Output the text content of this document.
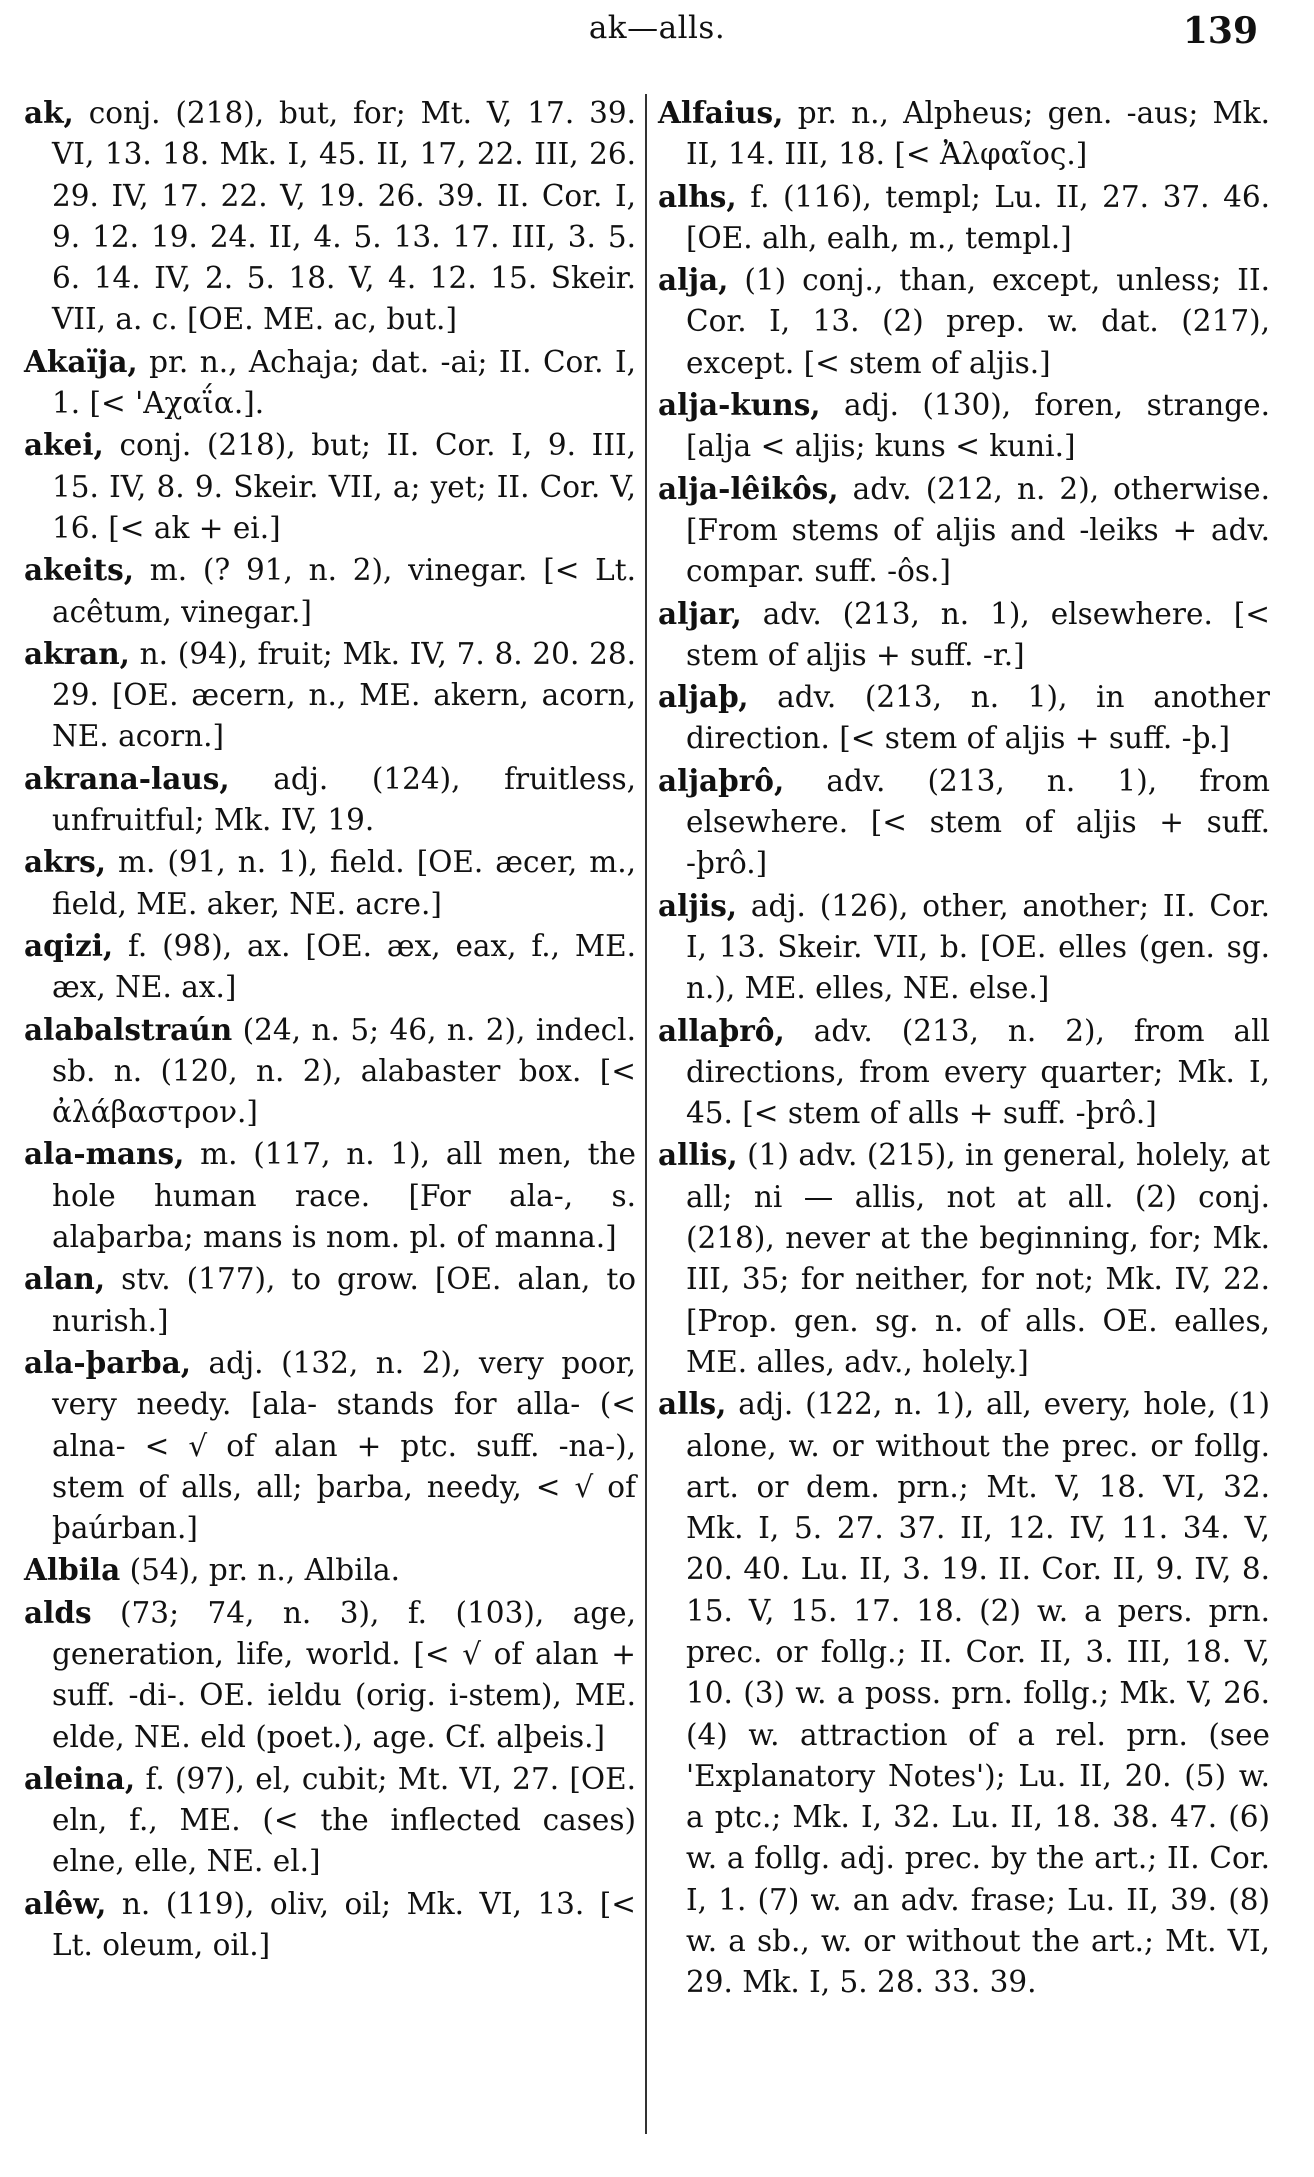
ak—alls.	139
ak, conj. (218), but, for; Mt. V, 17. 39. VI, 13. 18. Mk. I, 45. II, 17, 22. III, 26. 29. IV, 17. 22. V, 19. 26. 39. II. Cor. I, 9. 12. 19. 24. II, 4. 5. 13. 17. III, 3. 5. 6. 14. IV, 2. 5. 18. V, 4. 12. 15. Skeir. VII, a. c. [OE. ME. ac, but.]
Akaïja, pr. n., Achaja; dat. -ai; II. Cor. I, 1. [< 'Αχαΐα.].
akei, conj. (218), but; II. Cor. I, 9. III, 15. IV, 8. 9. Skeir. VII, a; yet; II. Cor. V, 16. [< ak + ei.]
akeits, m. (? 91, n. 2), vinegar. [< Lt. acêtum, vinegar.]
akran, n. (94), fruit; Mk. IV, 7. 8. 20. 28. 29. [OE. æcern, n., ME. akern, acorn, NE. acorn.]
akrana-laus, adj. (124), fruitless, unfruitful; Mk. IV, 19.
akrs, m. (91, n. 1), field. [OE. æcer, m., field, ME. aker, NE. acre.]
aqizi, f. (98), ax. [OE. æx, eax, f., ME. æx, NE. ax.]
alabalstraún (24, n. 5; 46, n. 2), indecl. sb. n. (120, n. 2), alabaster box. [< ἀλάβαστρον.]
ala-mans, m. (117, n. 1), all men, the hole human race. [For ala-, s. alaþarba; mans is nom. pl. of manna.]
alan, stv. (177), to grow. [OE. alan, to nurish.]
ala-þarba, adj. (132, n. 2), very poor, very needy. [ala- stands for alla- (< alna- < √ of alan + ptc. suff. -na-), stem of alls, all; þarba, needy, < √ of þaúrban.]
Albila (54), pr. n., Albila.
alds (73; 74, n. 3), f. (103), age, generation, life, world. [< √ of alan + suff. -di-. OE. ieldu (orig. i-stem), ME. elde, NE. eld (poet.), age. Cf. alþeis.]
aleina, f. (97), el, cubit; Mt. VI, 27. [OE. eln, f., ME. (< the inflected cases) elne, elle, NE. el.]
alêw, n. (119), oliv, oil; Mk. VI, 13. [< Lt. oleum, oil.]
Alfaius, pr. n., Alpheus; gen. -aus; Mk. II, 14. III, 18. [< Ἀλφαῖος.]
alhs, f. (116), templ; Lu. II, 27. 37. 46. [OE. alh, ealh, m., templ.]
alja, (1) conj., than, except, unless; II. Cor. I, 13. (2) prep. w. dat. (217), except. [< stem of aljis.]
alja-kuns, adj. (130), foren, strange. [alja < aljis; kuns < kuni.]
alja-lêikôs, adv. (212, n. 2), otherwise. [From stems of aljis and -leiks + adv. compar. suff. -ôs.]
aljar, adv. (213, n. 1), elsewhere. [< stem of aljis + suff. -r.]
aljaþ, adv. (213, n. 1), in another direction. [< stem of aljis + suff. -þ.]
aljaþrô, adv. (213, n. 1), from elsewhere. [< stem of aljis + suff. -þrô.]
aljis, adj. (126), other, another; II. Cor. I, 13. Skeir. VII, b. [OE. elles (gen. sg. n.), ME. elles, NE. else.]
allaþrô, adv. (213, n. 2), from all directions, from every quarter; Mk. I, 45. [< stem of alls + suff. -þrô.]
allis, (1) adv. (215), in general, holely, at all; ni — allis, not at all. (2) conj. (218), never at the beginning, for; Mk. III, 35; for neither, for not; Mk. IV, 22. [Prop. gen. sg. n. of alls. OE. ealles, ME. alles, adv., holely.]
alls, adj. (122, n. 1), all, every, hole, (1) alone, w. or without the prec. or follg. art. or dem. prn.; Mt. V, 18. VI, 32. Mk. I, 5. 27. 37. II, 12. IV, 11. 34. V, 20. 40. Lu. II, 3. 19. II. Cor. II, 9. IV, 8. 15. V, 15. 17. 18. (2) w. a pers. prn. prec. or follg.; II. Cor. II, 3. III, 18. V, 10. (3) w. a poss. prn. follg.; Mk. V, 26. (4) w. attraction of a rel. prn. (see 'Explanatory Notes'); Lu. II, 20. (5) w. a ptc.; Mk. I, 32. Lu. II, 18. 38. 47. (6) w. a follg. adj. prec. by the art.; II. Cor. I, 1. (7) w. an adv. frase; Lu. II, 39. (8) w. a sb., w. or without the art.; Mt. VI, 29. Mk. I, 5. 28. 33. 39.
